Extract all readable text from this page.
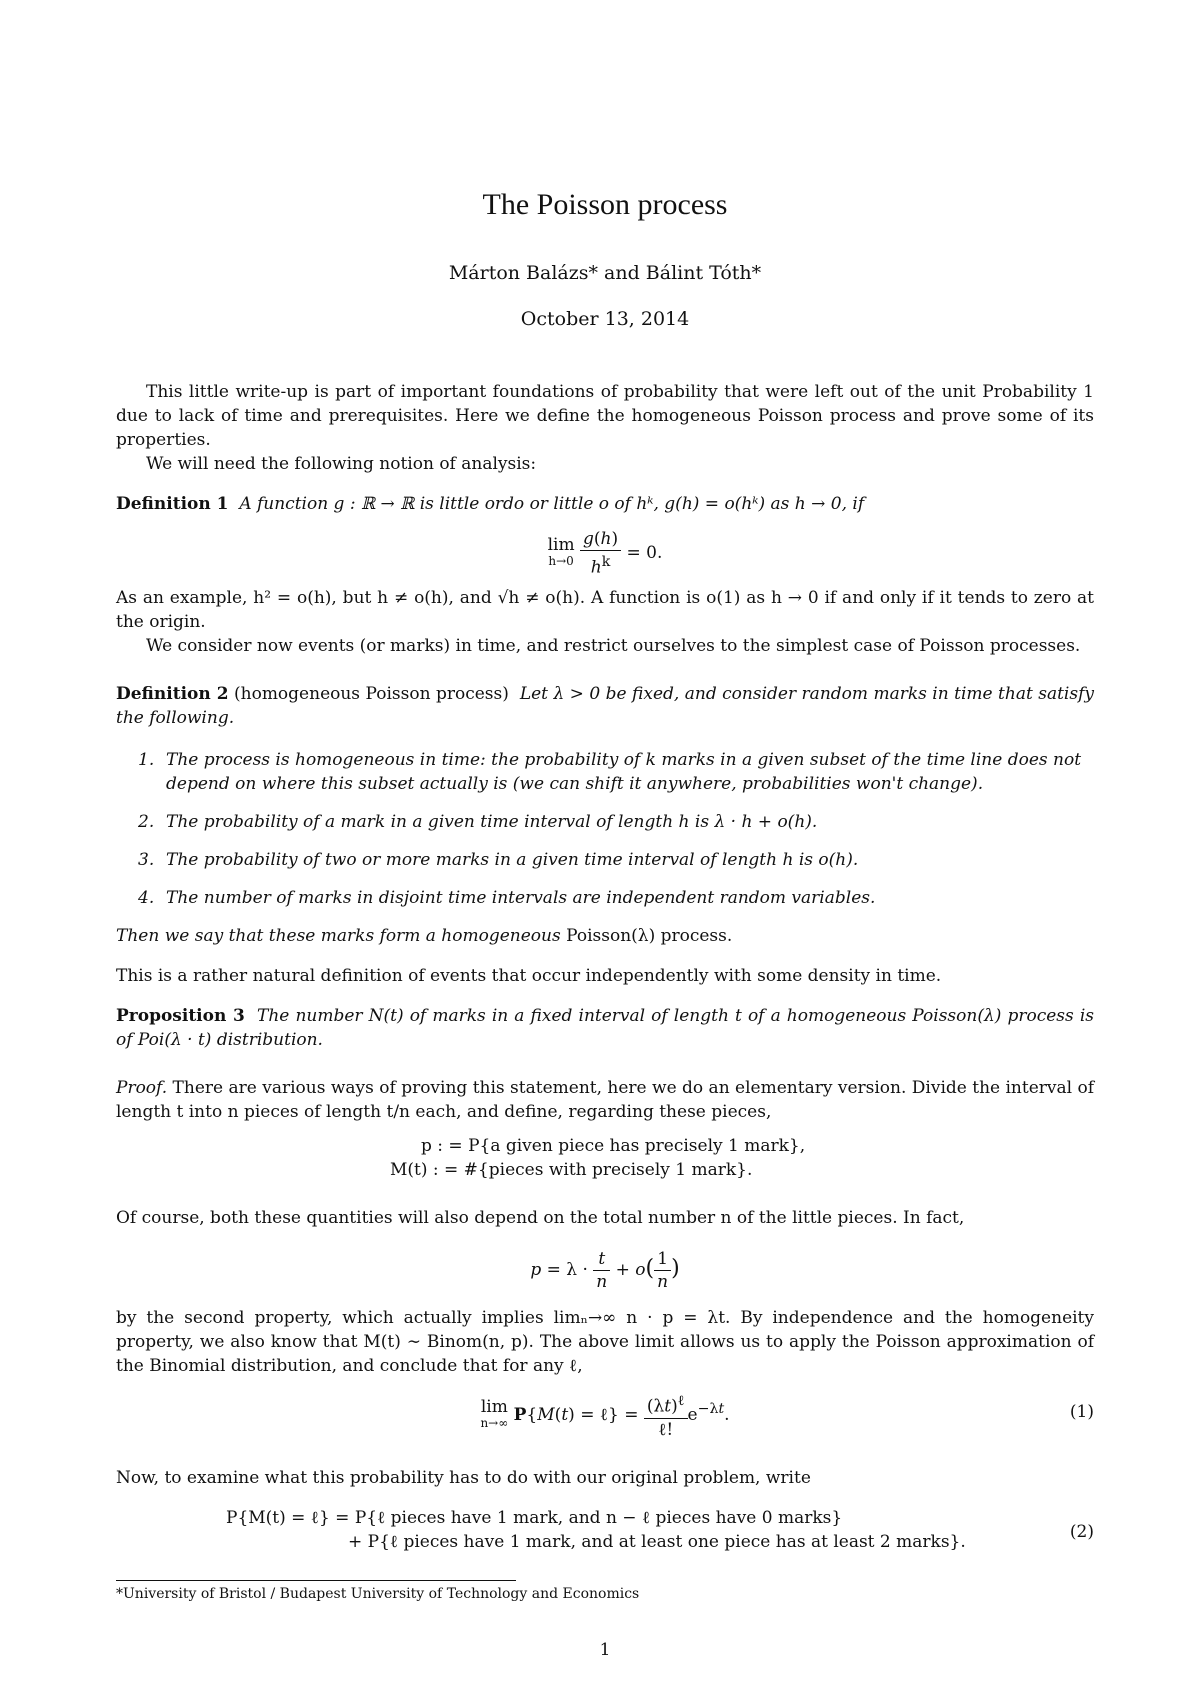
The Poisson process
Márton Balázs* and Bálint Tóth*
October 13, 2014

This little write-up is part of important foundations of probability that were left out of the unit Probability 1 due to lack of time and prerequisites. Here we define the homogeneous Poisson process and prove some of its properties.

We will need the following notion of analysis:

Definition 1 A function g : ℝ → ℝ is little ordo or little o of hᵏ, g(h) = o(hᵏ) as h → 0, if

lim
h→0
$\frac{g(h)}{h^k} = 0$.

As an example, h² = o(h), but h ≠ o(h), and √h ≠ o(h). A function is o(1) as h → 0 if and only if it tends to zero at the origin.

We consider now events (or marks) in time, and restrict ourselves to the simplest case of Poisson processes.

Definition 2 (homogeneous Poisson process) Let λ > 0 be fixed, and consider random marks in time that satisfy the following.

1. The process is homogeneous in time: the probability of k marks in a given subset of the time line does not depend on where this subset actually is (we can shift it anywhere, probabilities won't change).
2. The probability of a mark in a given time interval of length h is λ · h + o(h).
3. The probability of two or more marks in a given time interval of length h is o(h).
4. The number of marks in disjoint time intervals are independent random variables.

Then we say that these marks form a homogeneous Poisson(λ) process.

This is a rather natural definition of events that occur independently with some density in time.

Proposition 3 The number N(t) of marks in a fixed interval of length t of a homogeneous Poisson(λ) process is of Poi(λ · t) distribution.

Proof. There are various ways of proving this statement, here we do an elementary version. Divide the interval of length t into n pieces of length t/n each, and define, regarding these pieces,

p : = P{a given piece has precisely 1 mark},
M(t) : = #{pieces with precisely 1 mark}.

Of course, both these quantities will also depend on the total number n of the little pieces. In fact,

$p = \lambda \cdot \frac{t}{n} + o( \frac{1}{n}$ )

by the second property, which actually implies limₙ→∞ n · p = λt. By independence and the homogeneity property, we also know that M(t) ∼ Binom(n, p). The above limit allows us to apply the Poisson approximation of the Binomial distribution, and conclude that for any ℓ,

lim
n→∞ P{M(t) = ℓ} = $\frac{(\lambda t)^\ell}{\text{ℓ!}} e^{-\lambda t}$.	(1)

Now, to examine what this probability has to do with our original problem, write

P{M(t) = ℓ} = P{ℓ pieces have 1 mark, and n − ℓ pieces have 0 marks}
+ P{ℓ pieces have 1 mark, and at least one piece has at least 2 marks}.	(2)
*University of Bristol / Budapest University of Technology and Economics
1
